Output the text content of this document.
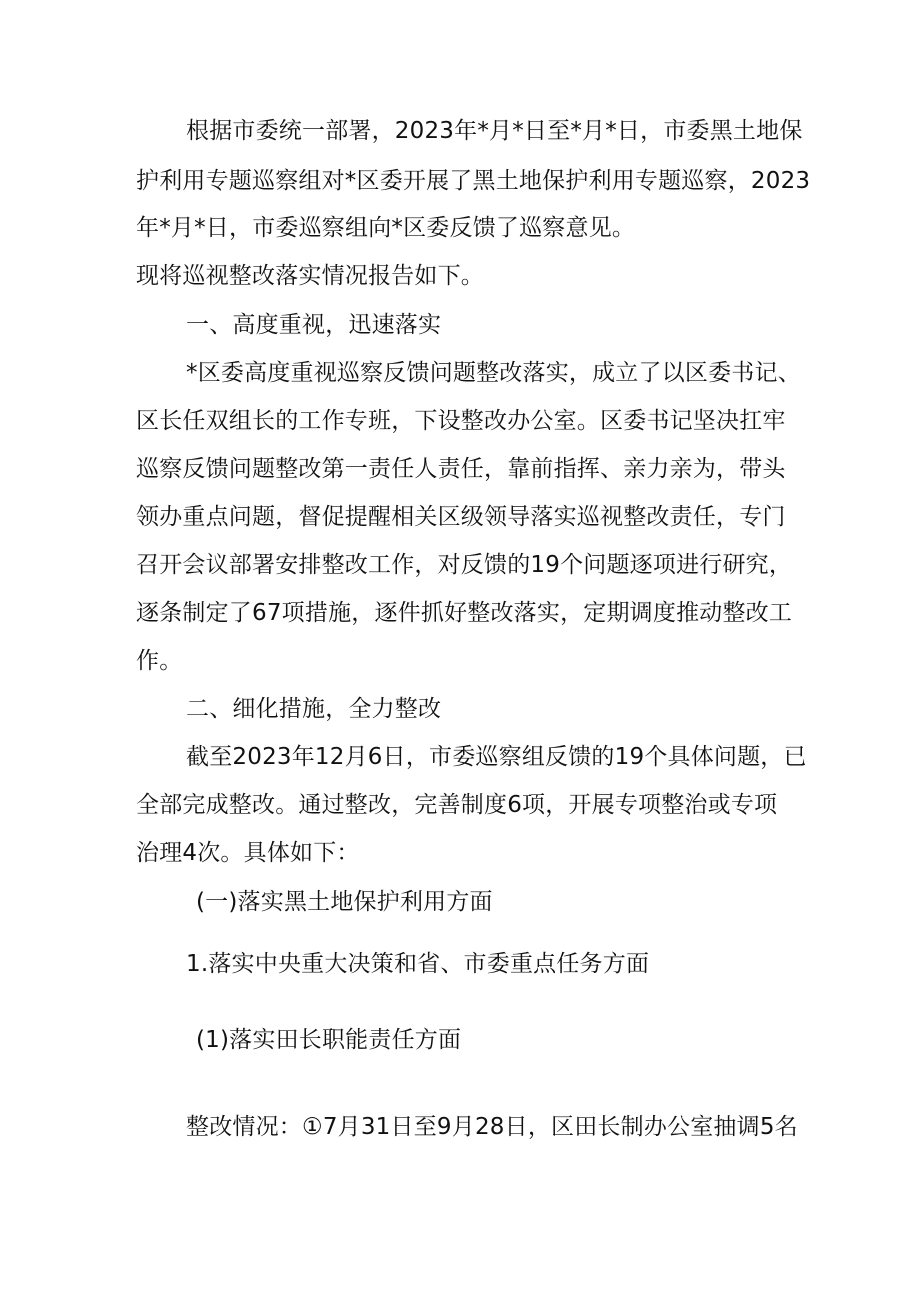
根据市委统一部署，2023年*月*日至*月*日，市委黑土地保
护利用专题巡察组对*区委开展了黑土地保护利用专题巡察，2023
年*月*日，市委巡察组向*区委反馈了巡察意见。
现将巡视整改落实情况报告如下。
一、高度重视，迅速落实
*区委高度重视巡察反馈问题整改落实，成立了以区委书记、
区长任双组长的工作专班，下设整改办公室。区委书记坚决扛牢
巡察反馈问题整改第一责任人责任，靠前指挥、亲力亲为，带头
领办重点问题，督促提醒相关区级领导落实巡视整改责任，专门
召开会议部署安排整改工作，对反馈的19个问题逐项进行研究，
逐条制定了67项措施，逐件抓好整改落实，定期调度推动整改工
作。
二、细化措施，全力整改
截至2023年12月6日，市委巡察组反馈的19个具体问题，已
全部完成整改。通过整改，完善制度6项，开展专项整治或专项
治理4次。具体如下：
(一)落实黑土地保护利用方面
1.落实中央重大决策和省、市委重点任务方面
(1)落实田长职能责任方面
整改情况：①7月31日至9月28日，区田长制办公室抽调5名
